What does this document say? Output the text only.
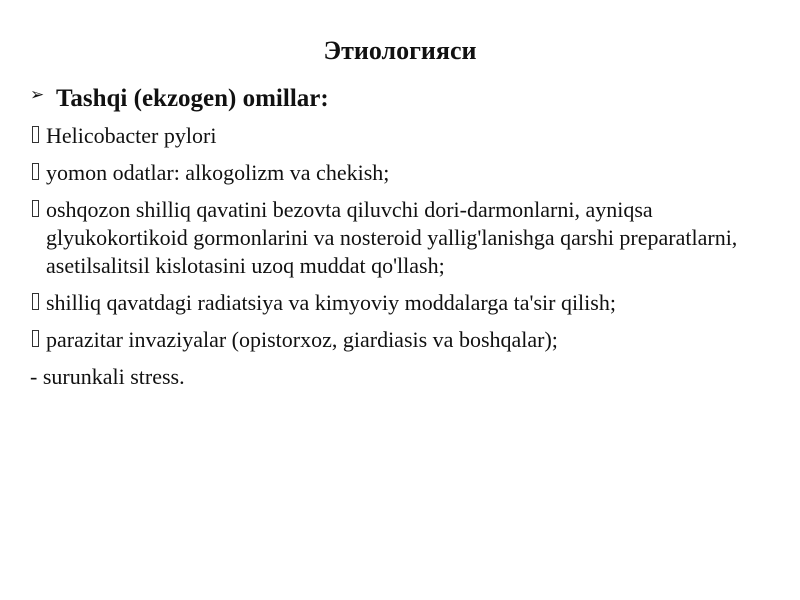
Этиологияси
➢ Tashqi (ekzogen) omillar:
Helicobacter pylori
yomon odatlar: alkogolizm va chekish;
oshqozon shilliq qavatini bezovta qiluvchi dori-darmonlarni, ayniqsa glyukokortikoid gormonlarini va nosteroid yallig'lanishga qarshi preparatlarni, asetilsalitsil kislotasini uzoq muddat qo'llash;
shilliq qavatdagi radiatsiya va kimyoviy moddalarga ta'sir qilish;
parazitar invaziyalar (opistorxoz, giardiasis va boshqalar);
- surunkali stress.
